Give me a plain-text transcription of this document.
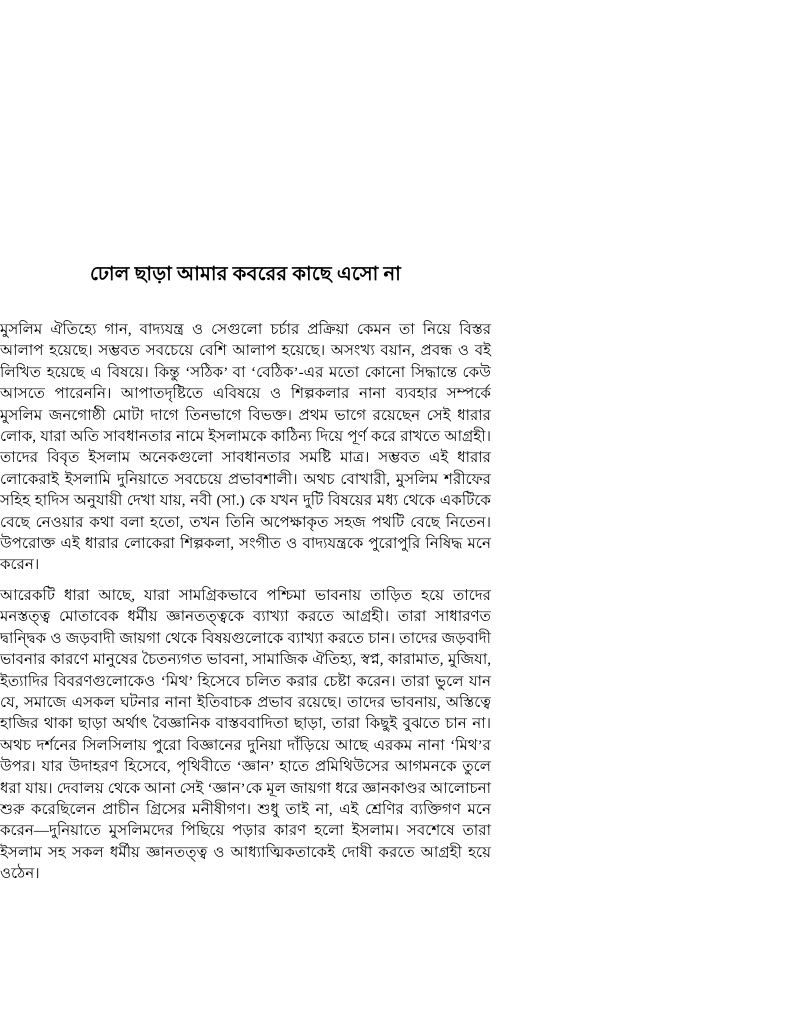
ঢোল ছাড়া আমার কবরের কাছে এসো না

মুসলিম ঐতিহ্যে গান, বাদ্যযন্ত্র ও সেগুলো চর্চার প্রক্রিয়া কেমন তা নিয়ে বিস্তর আলাপ হয়েছে। সম্ভবত সবচেয়ে বেশি আলাপ হয়েছে। অসংখ্য বয়ান, প্রবন্ধ ও বই লিখিত হয়েছে এ বিষয়ে। কিন্তু ‘সঠিক’ বা ‘বেঠিক’-এর মতো কোনো সিদ্ধান্তে কেউ আসতে পারেননি। আপাতদৃষ্টিতে এবিষয়ে ও শিল্পকলার নানা ব্যবহার সম্পর্কে মুসলিম জনগোষ্ঠী মোটা দাগে তিনভাগে বিভক্ত। প্রথম ভাগে রয়েছেন সেই ধারার লোক, যারা অতি সাবধানতার নামে ইসলামকে কাঠিন্য দিয়ে পূর্ণ করে রাখতে আগ্রহী। তাদের বিবৃত ইসলাম অনেকগুলো সাবধানতার সমষ্টি মাত্র। সম্ভবত এই ধারার লোকেরাই ইসলামি দুনিয়াতে সবচেয়ে প্রভাবশালী। অথচ বোখারী, মুসলিম শরীফের সহিহ হাদিস অনুযায়ী দেখা যায়, নবী (সা.) কে যখন দুটি বিষয়ের মধ্য থেকে একটিকে বেছে নেওয়ার কথা বলা হতো, তখন তিনি অপেক্ষাকৃত সহজ পথটি বেছে নিতেন। উপরোক্ত এই ধারার লোকেরা শিল্পকলা, সংগীত ও বাদ্যযন্ত্রকে পুরোপুরি নিষিদ্ধ মনে করেন।

আরেকটি ধারা আছে, যারা সামগ্রিকভাবে পশ্চিমা ভাবনায় তাড়িত হয়ে তাদের মনস্তত্ত্ব মোতাবেক ধর্মীয় জ্ঞানতত্ত্বকে ব্যাখ্যা করতে আগ্রহী। তারা সাধারণত দ্বান্দ্বিক ও জড়বাদী জায়গা থেকে বিষয়গুলোকে ব্যাখ্যা করতে চান। তাদের জড়বাদী ভাবনার কারণে মানুষের চৈতন্যগত ভাবনা, সামাজিক ঐতিহ্য, স্বপ্ন, কারামাত, মুজিযা, ইত্যাদির বিবরণগুলোকেও ‘মিথ’ হিসেবে চলিত করার চেষ্টা করেন। তারা ভুলে যান যে, সমাজে এসকল ঘটনার নানা ইতিবাচক প্রভাব রয়েছে। তাদের ভাবনায়, অস্তিত্বে হাজির থাকা ছাড়া অর্থাৎ বৈজ্ঞানিক বাস্তববাদিতা ছাড়া, তারা কিছুই বুঝতে চান না। অথচ দর্শনের সিলসিলায় পুরো বিজ্ঞানের দুনিয়া দাঁড়িয়ে আছে এরকম নানা ‘মিথ’র উপর। যার উদাহরণ হিসেবে, পৃথিবীতে ‘জ্ঞান’ হাতে প্রমিথিউসের আগমনকে তুলে ধরা যায়। দেবালয় থেকে আনা সেই ‘জ্ঞান’কে মূল জায়গা ধরে জ্ঞানকাণ্ডর আলোচনা শুরু করেছিলেন প্রাচীন গ্রিসের মনীষীগণ। শুধু তাই না, এই শ্রেণির ব্যক্তিগণ মনে করেন—দুনিয়াতে মুসলিমদের পিছিয়ে পড়ার কারণ হলো ইসলাম। সবশেষে তারা ইসলাম সহ সকল ধর্মীয় জ্ঞানতত্ত্ব ও আধ্যাত্মিকতাকেই দোষী করতে আগ্রহী হয়ে ওঠেন।
